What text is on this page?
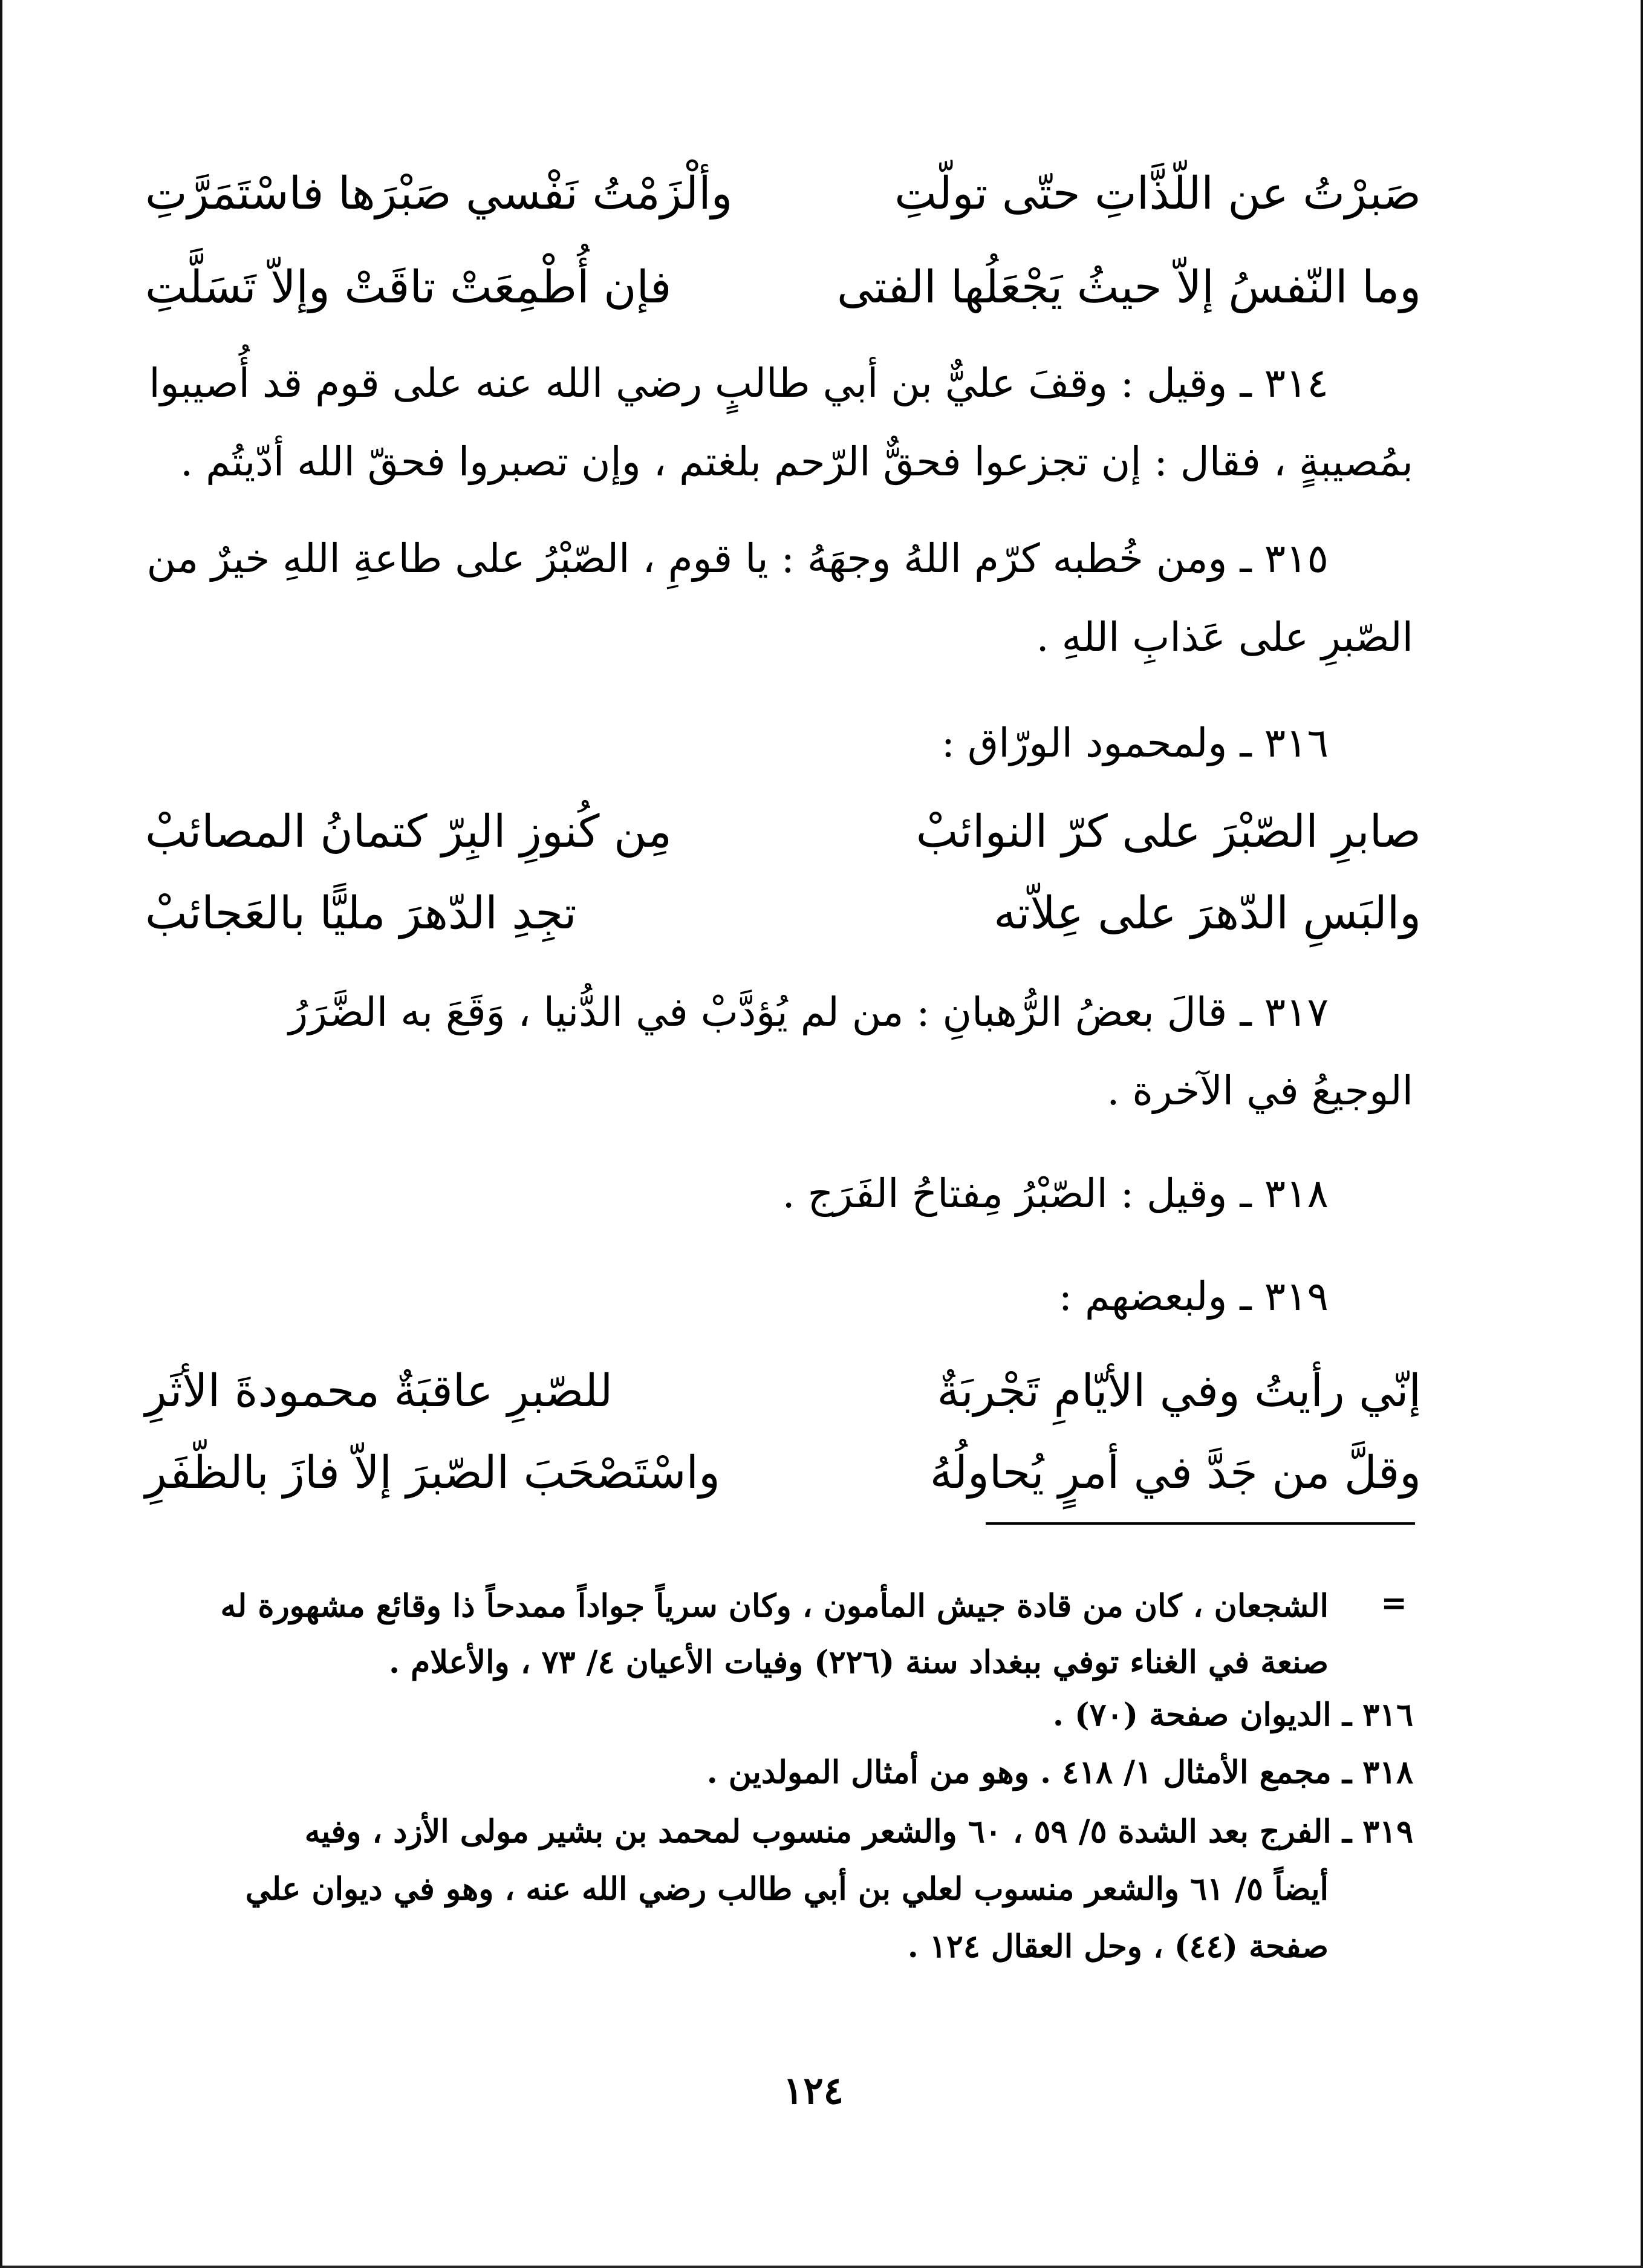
صَبرْتُ عن اللّذَّاتِ حتّى تولّتِ
وألْزَمْتُ نَفْسي صَبْرَها فاسْتَمَرَّتِ
وما النّفسُ إلاّ حيثُ يَجْعَلُها الفتى
فإن أُطْمِعَتْ تاقَتْ وإلاّ تَسَلَّتِ
٣١٤ ـ وقيل : وقفَ عليٌّ بن أبي طالبٍ رضي الله عنه على قوم قد أُصيبوا
بمُصيبةٍ ، فقال : إن تجزعوا فحقٌّ الرّحم بلغتم ، وإن تصبروا فحقّ الله أدّيتُم .
٣١٥ ـ ومن خُطبه كرّم اللهُ وجهَهُ : يا قومِ ، الصّبْرُ على طاعةِ اللهِ خيرٌ من
الصّبرِ على عَذابِ اللهِ .
٣١٦ ـ ولمحمود الورّاق :
صابرِ الصّبْرَ على كرّ النوائبْ
مِن كُنوزِ البِرّ كتمانُ المصائبْ
والبَسِ الدّهرَ على عِلاّته
تجِدِ الدّهرَ مليًّا بالعَجائبْ
٣١٧ ـ قالَ بعضُ الرُّهبانِ : من لم يُؤدَّبْ في الدُّنيا ، وَقَعَ به الضَّرَرُ
الوجيعُ في الآخرة .
٣١٨ ـ وقيل : الصّبْرُ مِفتاحُ الفَرَج .
٣١٩ ـ ولبعضهم :
إنّي رأيتُ وفي الأيّامِ تَجْربَةٌ
للصّبرِ عاقبَةٌ محمودةَ الأثَرِ
وقلَّ من جَدَّ في أمرٍ يُحاولُهُ
واسْتَصْحَبَ الصّبرَ إلاّ فازَ بالظّفَرِ
=
الشجعان ، كان من قادة جيش المأمون ، وكان سرياً جواداً ممدحاً ذا وقائع مشهورة له
صنعة في الغناء توفي ببغداد سنة (٢٢٦) وفيات الأعيان ٤/ ٧٣ ، والأعلام .
٣١٦ ـ الديوان صفحة (٧٠) .
٣١٨ ـ مجمع الأمثال ١/ ٤١٨ . وهو من أمثال المولدين .
٣١٩ ـ الفرج بعد الشدة ٥/ ٥٩ ، ٦٠ والشعر منسوب لمحمد بن بشير مولى الأزد ، وفيه
أيضاً ٥/ ٦١ والشعر منسوب لعلي بن أبي طالب رضي الله عنه ، وهو في ديوان علي
صفحة (٤٤) ، وحل العقال ١٢٤ .
١٢٤
